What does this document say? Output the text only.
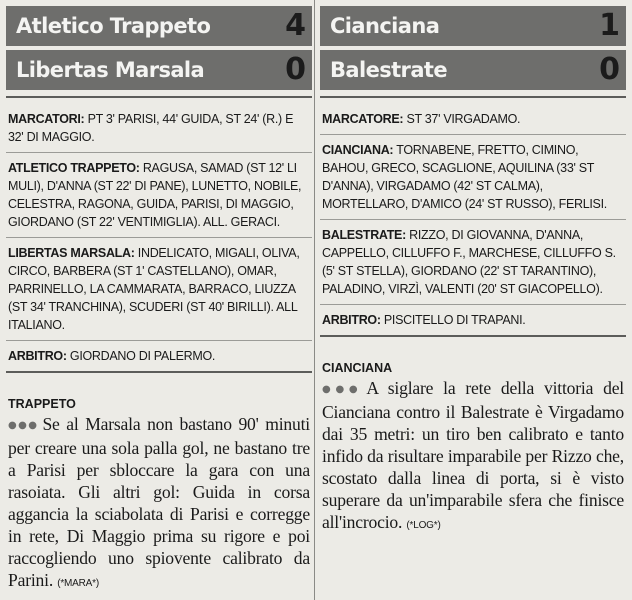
Atletico Trappeto 4
Libertas Marsala	0
MARCATORI: PT 3' PARISI, 44' GUIDA, ST 24' (R.) E 32' DI MAGGIO.
ATLETICO TRAPPETO: RAGUSA, SAMAD (ST 12' LI MULI), D'ANNA (ST 22' DI PANE), LUNETTO, NOBILE, CELESTRA, RAGONA, GUIDA, PARISI, DI MAGGIO, GIORDANO (ST 22' VENTIMIGLIA). ALL. GERACI.
LIBERTAS MARSALA: INDELICATO, MIGALI, OLIVA, CIRCO, BARBERA (ST 1' CASTELLANO), OMAR, PARRINELLO, LA CAMMARATA, BARRACO, LIUZZA (ST 34' TRANCHINA), SCUDERI (ST 40' BIRILLI). ALL ITALIANO.
ARBITRO: GIORDANO DI PALERMO.
TRAPPETO
●●● Se al Marsala non bastano 90' minuti per creare una sola palla gol, ne bastano tre a Parisi per sbloccare la gara con una rasoiata. Gli altri gol: Guida in corsa aggancia la sciabolata di Parisi e corregge in rete, Di Maggio prima su rigore e poi raccogliendo uno spiovente calibrato da Parini. (*MARA*)
Cianciana	1
Balestrate	0
MARCATORE: ST 37' VIRGADAMO.
CIANCIANA: TORNABENE, FRETTO, CIMINO, BAHOU, GRECO, SCAGLIONE, AQUILINA (33' ST D'ANNA), VIRGADAMO (42' ST CALMA), MORTELLARO, D'AMICO (24' ST RUSSO), FERLISI.
BALESTRATE: RIZZO, DI GIOVANNA, D'ANNA, CAPPELLO, CILLUFFO F., MARCHESE, CILLUFFO S. (5' ST STELLA), GIORDANO (22' ST TARANTINO), PALADINO, VIRZÌ, VALENTI (20' ST GIACOPELLO).
ARBITRO: PISCITELLO DI TRAPANI.
CIANCIANA
●●● A siglare la rete della vittoria del Cianciana contro il Balestrate è Virgadamo dai 35 metri: un tiro ben calibrato e tanto infido da risultare imparabile per Rizzo che, scostato dalla linea di porta, si è visto superare da un'imparabile sfera che finisce all'incrocio. (*LOG*)
